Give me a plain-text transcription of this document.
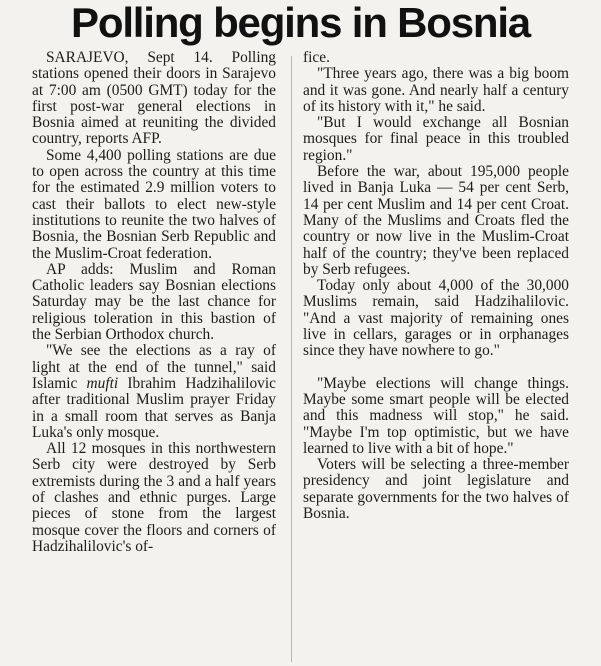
Polling begins in Bosnia

SARAJEVO, Sept 14. Polling stations opened their doors in Sarajevo at 7:00 am (0500 GMT) today for the first post-war general elections in Bosnia aimed at reuniting the divided country, reports AFP.

Some 4,400 polling stations are due to open across the country at this time for the estimated 2.9 million voters to cast their ballots to elect new-style institutions to reunite the two halves of Bosnia, the Bosnian Serb Republic and the Muslim-Croat federation.

AP adds: Muslim and Roman Catholic leaders say Bosnian elections Saturday may be the last chance for religious toleration in this bastion of the Serbian Orthodox church.

"We see the elections as a ray of light at the end of the tunnel," said Islamic mufti Ibrahim Hadzihalilovic after traditional Muslim prayer Friday in a small room that serves as Banja Luka's only mosque.

All 12 mosques in this northwestern Serb city were destroyed by Serb extremists during the 3 and a half years of clashes and ethnic purges. Large pieces of stone from the largest mosque cover the floors and corners of Hadzihalilovic's of-

fice.

"Three years ago, there was a big boom and it was gone. And nearly half a century of its history with it," he said.

"But I would exchange all Bosnian mosques for final peace in this troubled region."

Before the war, about 195,000 people lived in Banja Luka — 54 per cent Serb, 14 per cent Muslim and 14 per cent Croat. Many of the Muslims and Croats fled the country or now live in the Muslim-Croat half of the country; they've been replaced by Serb refugees.

Today only about 4,000 of the 30,000 Muslims remain, said Hadzihalilovic. "And a vast majority of remaining ones live in cellars, garages or in orphanages since they have nowhere to go."

"Maybe elections will change things. Maybe some smart people will be elected and this madness will stop," he said. "Maybe I'm top optimistic, but we have learned to live with a bit of hope."

Voters will be selecting a three-member presidency and joint legislature and separate governments for the two halves of Bosnia.
